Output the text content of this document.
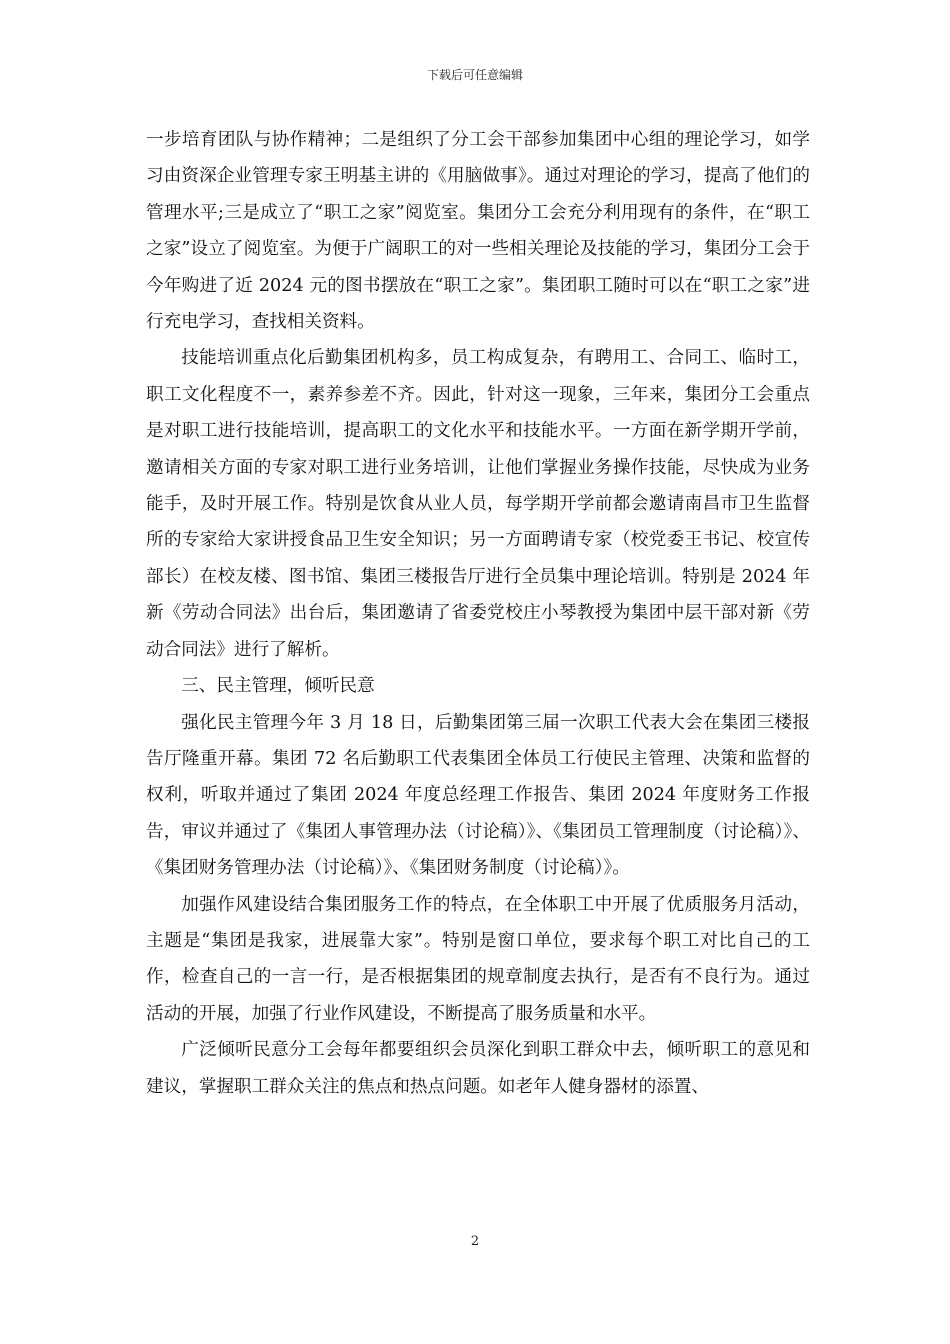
下载后可任意编辑

一步培育团队与协作精神；二是组织了分工会干部参加集团中心组的理论学习，如学习由资深企业管理专家王明基主讲的《用脑做事》。通过对理论的学习，提高了他们的管理水平;三是成立了“职工之家”阅览室。集团分工会充分利用现有的条件，在“职工之家”设立了阅览室。为便于广阔职工的对一些相关理论及技能的学习，集团分工会于今年购进了近 2024 元的图书摆放在“职工之家”。集团职工随时可以在“职工之家”进行充电学习，查找相关资料。

技能培训重点化后勤集团机构多，员工构成复杂，有聘用工、合同工、临时工，职工文化程度不一，素养参差不齐。因此，针对这一现象，三年来，集团分工会重点是对职工进行技能培训，提高职工的文化水平和技能水平。一方面在新学期开学前，邀请相关方面的专家对职工进行业务培训，让他们掌握业务操作技能，尽快成为业务能手，及时开展工作。特别是饮食从业人员，每学期开学前都会邀请南昌市卫生监督所的专家给大家讲授食品卫生安全知识；另一方面聘请专家（校党委王书记、校宣传部长）在校友楼、图书馆、集团三楼报告厅进行全员集中理论培训。特别是 2024 年新《劳动合同法》出台后，集团邀请了省委党校庄小琴教授为集团中层干部对新《劳动合同法》进行了解析。

三、民主管理，倾听民意

强化民主管理今年 3 月 18 日，后勤集团第三届一次职工代表大会在集团三楼报告厅隆重开幕。集团 72 名后勤职工代表集团全体员工行使民主管理、决策和监督的权利，听取并通过了集团 2024 年度总经理工作报告、集团 2024 年度财务工作报告，审议并通过了《集团人事管理办法（讨论稿）》、《集团员工管理制度（讨论稿）》、《集团财务管理办法（讨论稿）》、《集团财务制度（讨论稿）》。

加强作风建设结合集团服务工作的特点，在全体职工中开展了优质服务月活动，主题是“集团是我家，进展靠大家”。特别是窗口单位，要求每个职工对比自己的工作，检查自己的一言一行，是否根据集团的规章制度去执行，是否有不良行为。通过活动的开展，加强了行业作风建设，不断提高了服务质量和水平。

广泛倾听民意分工会每年都要组织会员深化到职工群众中去，倾听职工的意见和建议，掌握职工群众关注的焦点和热点问题。如老年人健身器材的添置、

2
